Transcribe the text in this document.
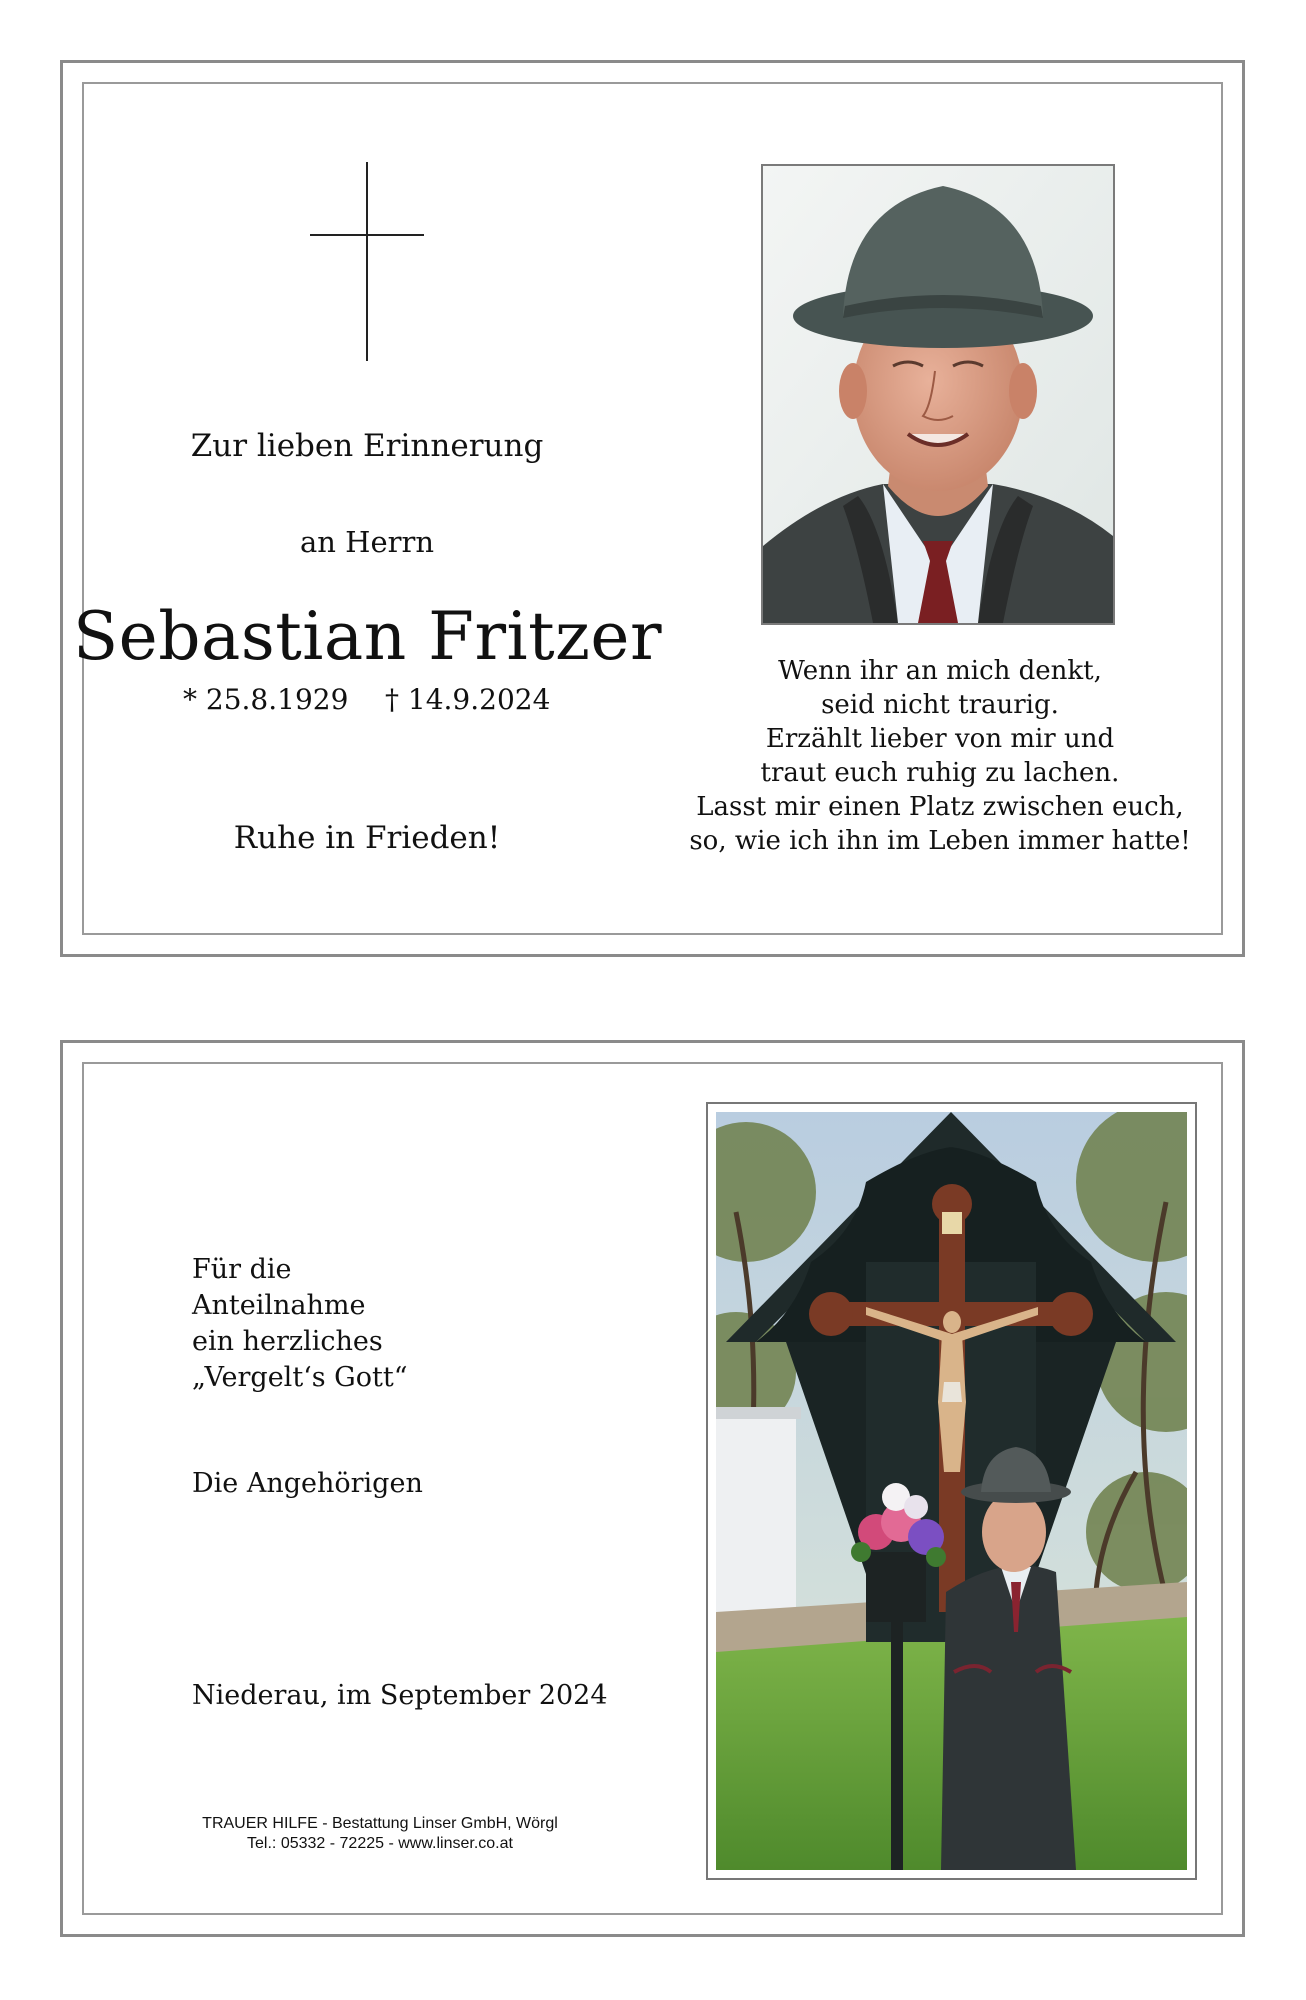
Zur lieben Erinnerung
an Herrn
Sebastian Fritzer
* 25.8.1929 † 14.9.2024
Ruhe in Frieden!
Wenn ihr an mich denkt,
seid nicht traurig.
Erzählt lieber von mir und
traut euch ruhig zu lachen.
Lasst mir einen Platz zwischen euch,
so, wie ich ihn im Leben immer hatte!
Für die
Anteilnahme
ein herzliches
„Vergelt‘s Gott“
Die Angehörigen
Niederau, im September 2024
TRAUER HILFE - Bestattung Linser GmbH, Wörgl
Tel.: 05332 - 72225 - www.linser.co.at
